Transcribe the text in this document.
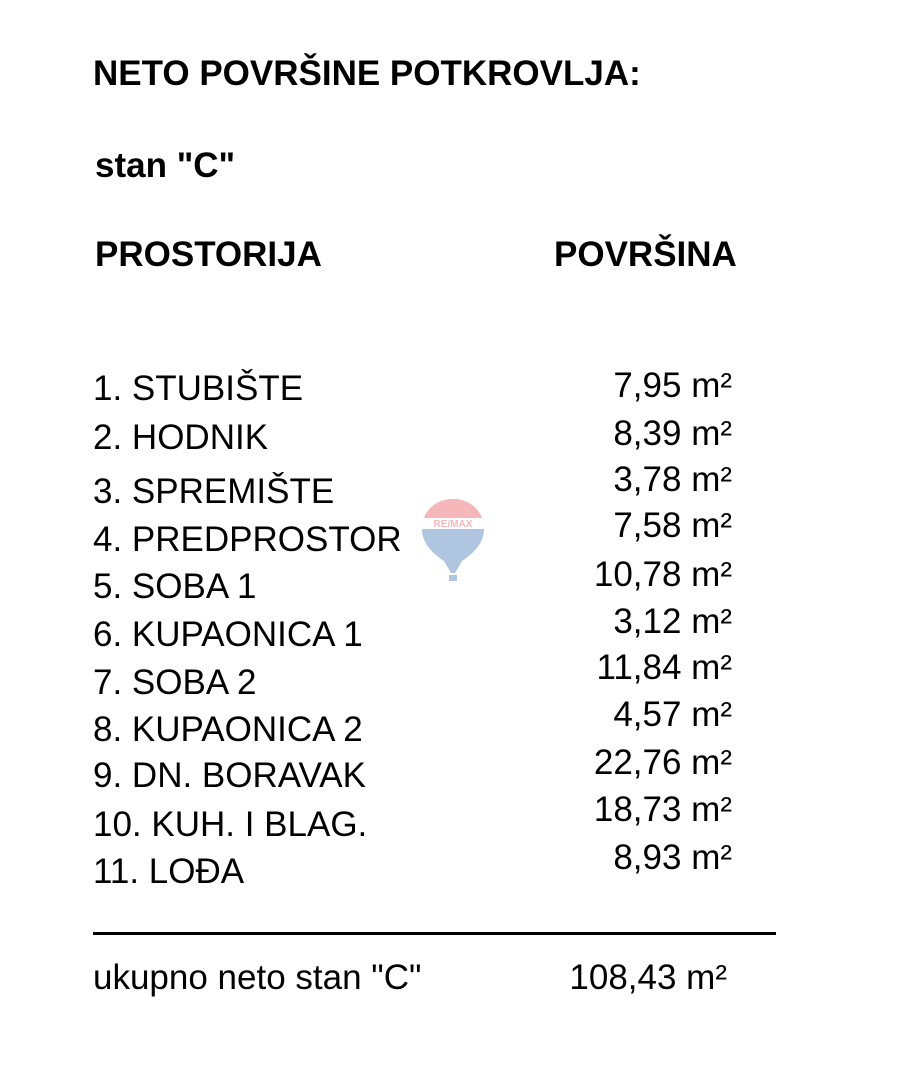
NETO POVRŠINE POTKROVLJA:
stan "C"
PROSTORIJA	POVRŠINA
1. STUBIŠTE	7,95 m²
2. HODNIK	8,39 m²
3. SPREMIŠTE	3,78 m²
4. PREDPROSTOR	7,58 m²
5. SOBA 1	10,78 m²
6. KUPAONICA 1	3,12 m²
7. SOBA 2	11,84 m²
8. KUPAONICA 2	4,57 m²
9. DN. BORAVAK	22,76 m²
10. KUH. I BLAG.	18,73 m²
11. LOĐA	8,93 m²
ukupno neto stan "C"	108,43 m²
RE/MAX
